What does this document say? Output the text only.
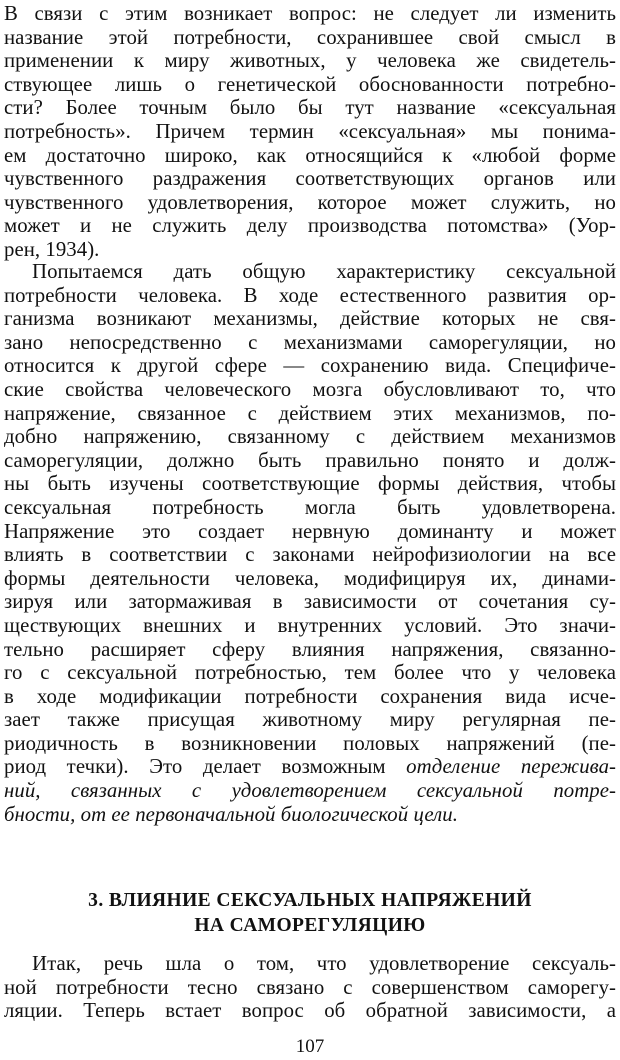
В связи с этим возникает вопрос: не следует ли изменить
название этой потребности, сохранившее свой смысл в
применении к миру животных, у человека же свидетель-
ствующее лишь о генетической обоснованности потребно-
сти? Более точным было бы тут название «сексуальная
потребность». Причем термин «сексуальная» мы понима-
ем достаточно широко, как относящийся к «любой форме
чувственного раздражения соответствующих органов или
чувственного удовлетворения, которое может служить, но
может и не служить делу производства потомства» (Уор-
рен, 1934).

Попытаемся дать общую характеристику сексуальной
потребности человека. В ходе естественного развития ор-
ганизма возникают механизмы, действие которых не свя-
зано непосредственно с механизмами саморегуляции, но
относится к другой сфере — сохранению вида. Специфиче-
ские свойства человеческого мозга обусловливают то, что
напряжение, связанное с действием этих механизмов, по-
добно напряжению, связанному с действием механизмов
саморегуляции, должно быть правильно понято и долж-
ны быть изучены соответствующие формы действия, чтобы
сексуальная потребность могла быть удовлетворена.
Напряжение это создает нервную доминанту и может
влиять в соответствии с законами нейрофизиологии на все
формы деятельности человека, модифицируя их, динами-
зируя или затормаживая в зависимости от сочетания су-
ществующих внешних и внутренних условий. Это значи-
тельно расширяет сферу влияния напряжения, связанно-
го с сексуальной потребностью, тем более что у человека
в ходе модификации потребности сохранения вида исче-
зает также присущая животному миру регулярная пе-
риодичность в возникновении половых напряжений (пе-
риод течки). Это делает возможным отделение пережива-
ний, связанных с удовлетворением сексуальной потре-
бности, от ее первоначальной биологической цели.

3. ВЛИЯНИЕ СЕКСУАЛЬНЫХ НАПРЯЖЕНИЙ
НА САМОРЕГУЛЯЦИЮ

Итак, речь шла о том, что удовлетворение сексуаль-
ной потребности тесно связано с совершенством саморегу-
ляции. Теперь встает вопрос об обратной зависимости, а

107
